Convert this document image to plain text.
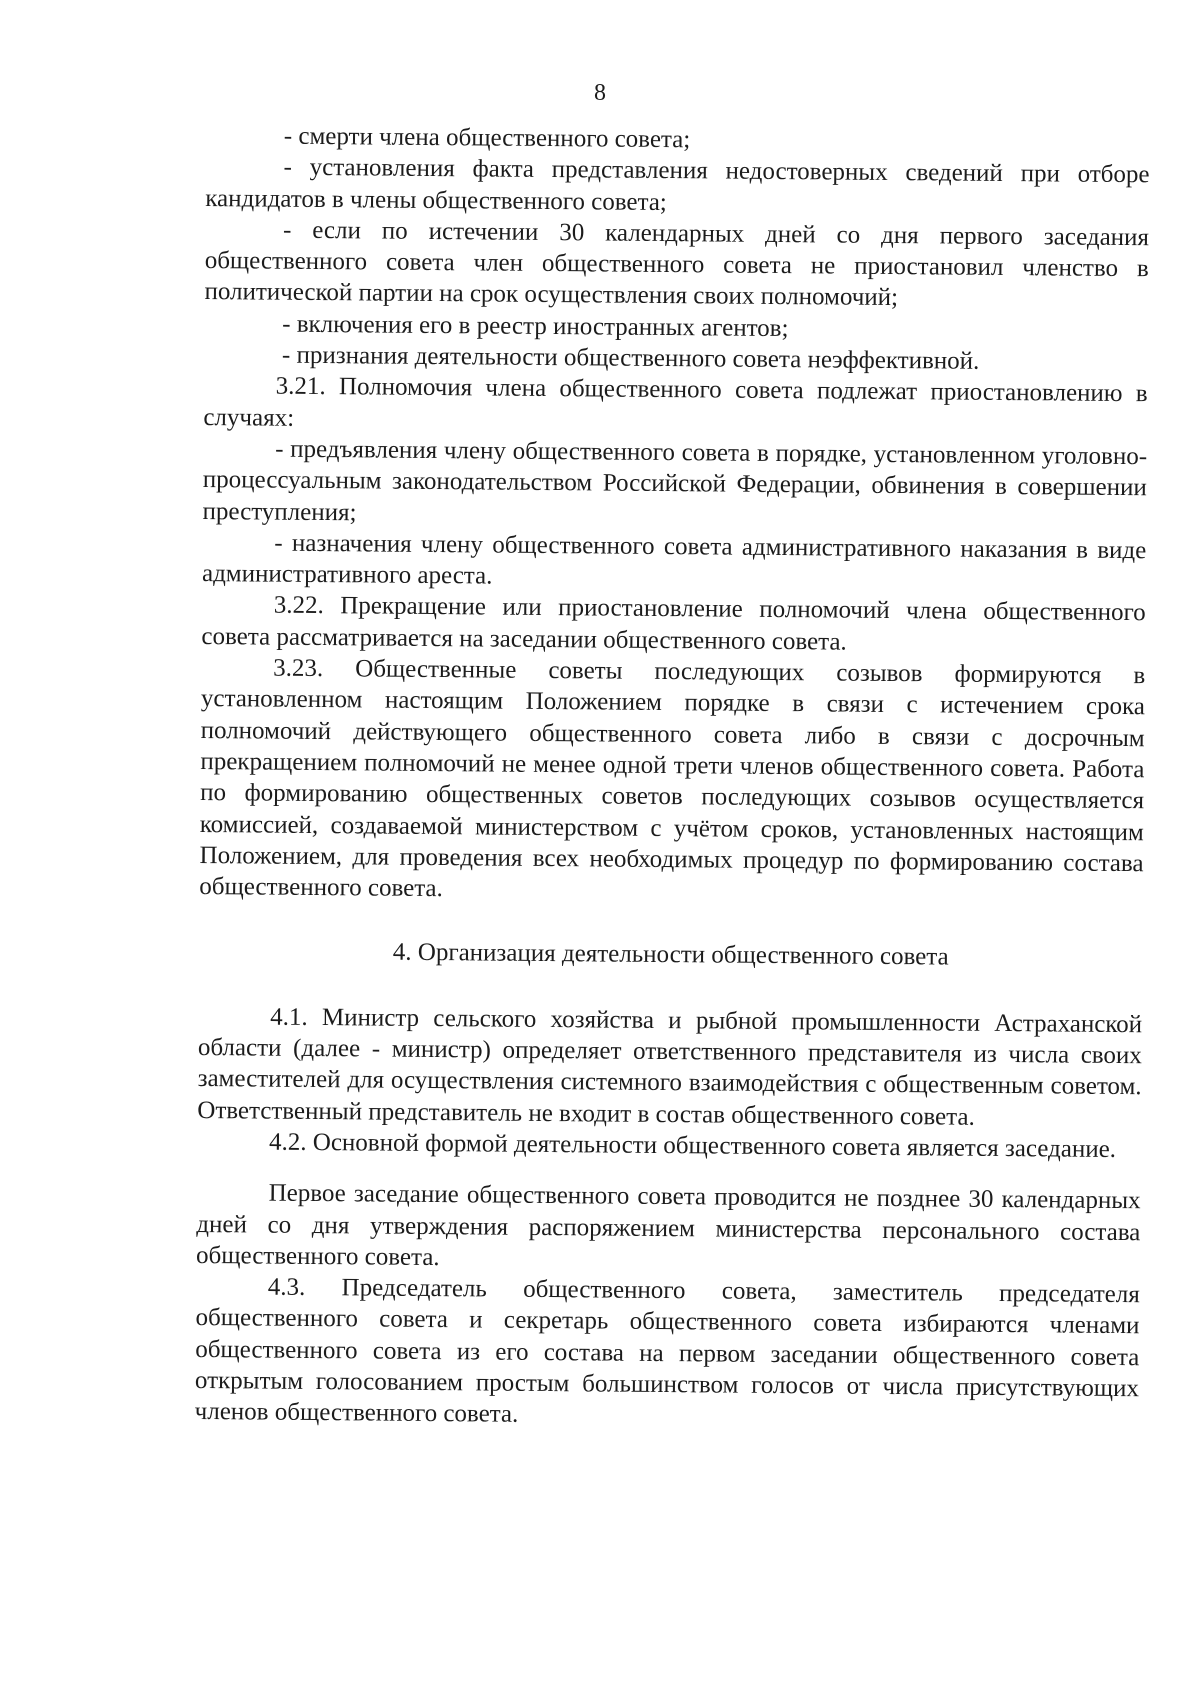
8

- смерти члена общественного совета;

- установления факта представления недостоверных сведений при отборе кандидатов в члены общественного совета;

- если по истечении 30 календарных дней со дня первого заседания общественного совета член общественного совета не приостановил членство в политической партии на срок осуществления своих полномочий;

- включения его в реестр иностранных агентов;

- признания деятельности общественного совета неэффективной.

3.21. Полномочия члена общественного совета подлежат приостановлению в случаях:

- предъявления члену общественного совета в порядке, установленном уголовно-процессуальным законодательством Российской Федерации, обвинения в совершении преступления;

- назначения члену общественного совета административного наказания в виде административного ареста.

3.22. Прекращение или приостановление полномочий члена общественного совета рассматривается на заседании общественного совета.

3.23. Общественные советы последующих созывов формируются в установленном настоящим Положением порядке в связи с истечением срока полномочий действующего общественного совета либо в связи с досрочным прекращением полномочий не менее одной трети членов общественного совета. Работа по формированию общественных советов последующих созывов осуществляется комиссией, создаваемой министерством с учётом сроков, установленных настоящим Положением, для проведения всех необходимых процедур по формированию состава общественного совета.

4. Организация деятельности общественного совета

4.1. Министр сельского хозяйства и рыбной промышленности Астраханской области (далее - министр) определяет ответственного представителя из числа своих заместителей для осуществления системного взаимодействия с общественным советом. Ответственный представитель не входит в состав общественного совета.

4.2. Основной формой деятельности общественного совета является заседание.

Первое заседание общественного совета проводится не позднее 30 календарных дней со дня утверждения распоряжением министерства персонального состава общественного совета.

4.3. Председатель общественного совета, заместитель председателя общественного совета и секретарь общественного совета избираются членами общественного совета из его состава на первом заседании общественного совета открытым голосованием простым большинством голосов от числа присутствующих членов общественного совета.
